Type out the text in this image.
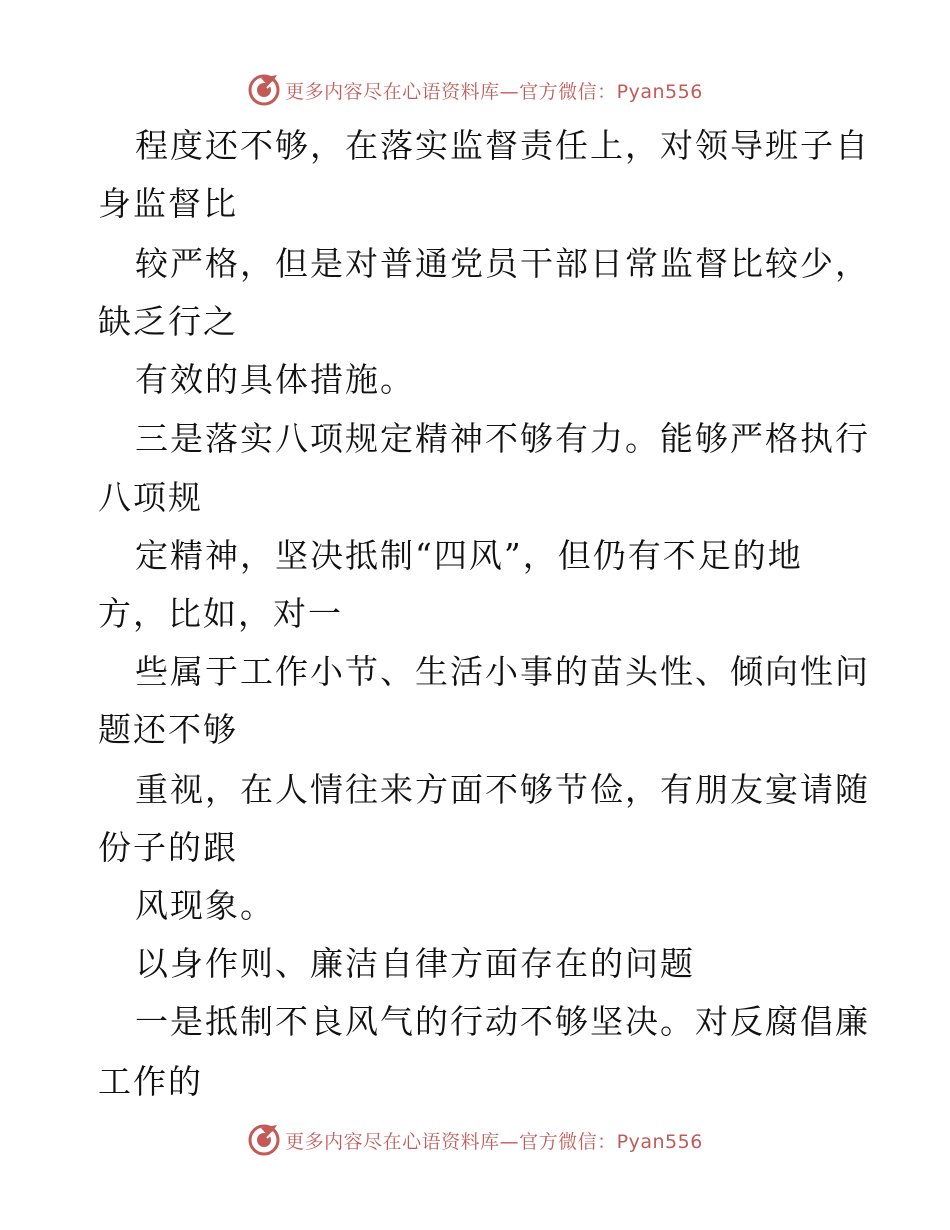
更多内容尽在心语资料库—官方微信：Pyan556
程度还不够，在落实监督责任上，对领导班子自
身监督比
较严格，但是对普通党员干部日常监督比较少，
缺乏行之
有效的具体措施。
三是落实八项规定精神不够有力。能够严格执行
八项规
定精神，坚决抵制“四风”，但仍有不足的地
方，比如，对一
些属于工作小节、生活小事的苗头性、倾向性问
题还不够
重视，在人情往来方面不够节俭，有朋友宴请随
份子的跟
风现象。
以身作则、廉洁自律方面存在的问题
一是抵制不良风气的行动不够坚决。对反腐倡廉
工作的
更多内容尽在心语资料库—官方微信：Pyan556
